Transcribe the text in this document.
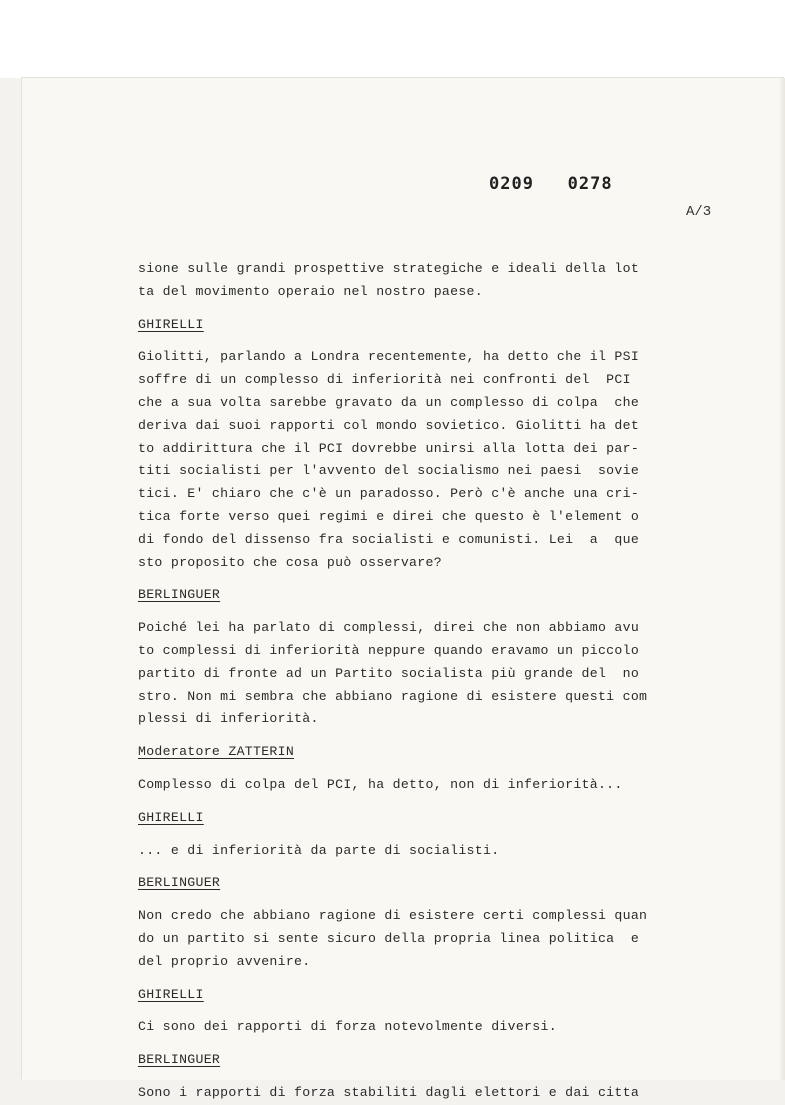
0209   0278
A/3
sione sulle grandi prospettive strategiche e ideali della lot
ta del movimento operaio nel nostro paese.
GHIRELLI
Giolitti, parlando a Londra recentemente, ha detto che il PSI
soffre di un complesso di inferiorità nei confronti del  PCI
che a sua volta sarebbe gravato da un complesso di colpa  che
deriva dai suoi rapporti col mondo sovietico. Giolitti ha det
to addirittura che il PCI dovrebbe unirsi alla lotta dei par-
titi socialisti per l'avvento del socialismo nei paesi  sovie
tici. E' chiaro che c'è un paradosso. Però c'è anche una cri-
tica forte verso quei regimi e direi che questo è l'element o
di fondo del dissenso fra socialisti e comunisti. Lei  a  que
sto proposito che cosa può osservare?
BERLINGUER
Poiché lei ha parlato di complessi, direi che non abbiamo avu
to complessi di inferiorità neppure quando eravamo un piccolo
partito di fronte ad un Partito socialista più grande del  no
stro. Non mi sembra che abbiano ragione di esistere questi com
plessi di inferiorità.
Moderatore ZATTERIN
Complesso di colpa del PCI, ha detto, non di inferiorità...
GHIRELLI
... e di inferiorità da parte di socialisti.
BERLINGUER
Non credo che abbiano ragione di esistere certi complessi quan
do un partito si sente sicuro della propria linea politica  e
del proprio avvenire.
GHIRELLI
Ci sono dei rapporti di forza notevolmente diversi.
BERLINGUER
Sono i rapporti di forza stabiliti dagli elettori e dai citta
